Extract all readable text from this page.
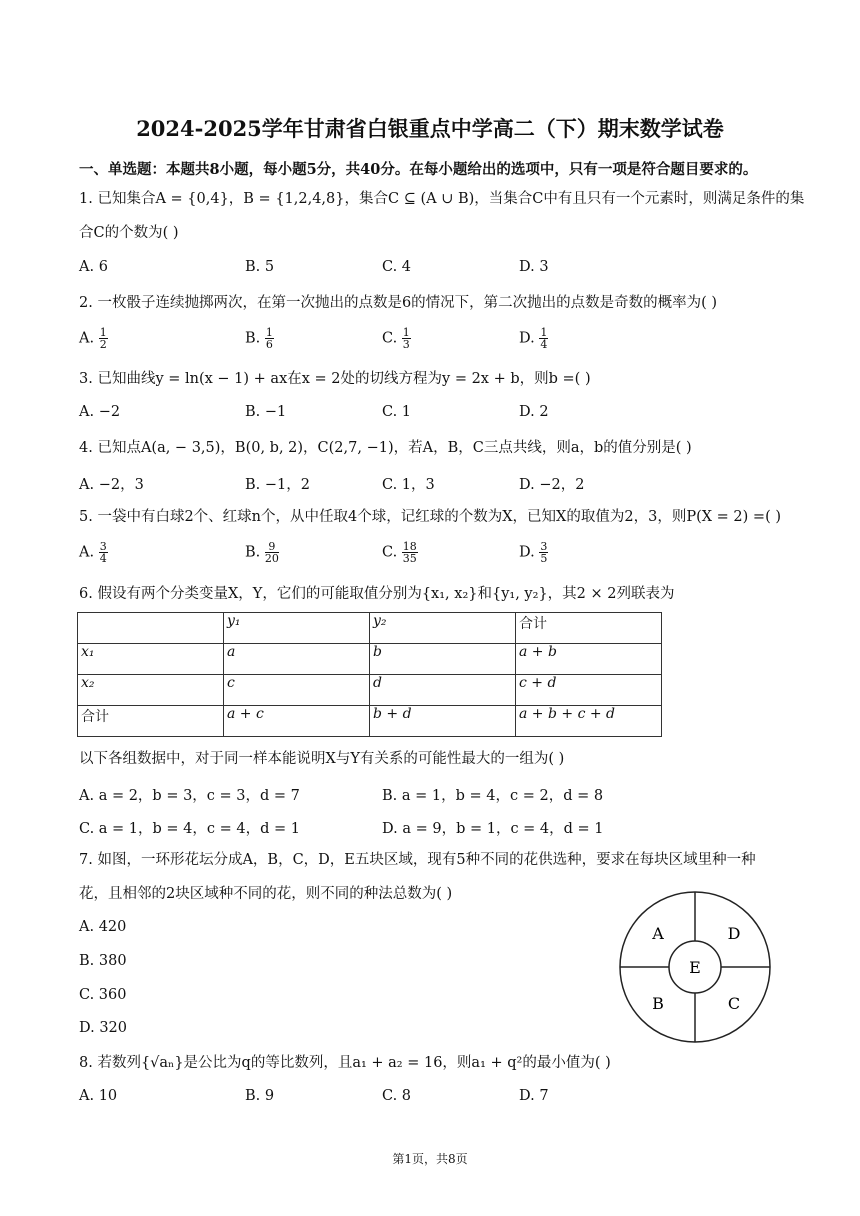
2024-2025学年甘肃省白银重点中学高二（下）期末数学试卷
一、单选题：本题共8小题，每小题5分，共40分。在每小题给出的选项中，只有一项是符合题目要求的。
1. 已知集合A = {0,4}，B = {1,2,4,8}，集合C ⊆ (A ∪ B)，当集合C中有且只有一个元素时，则满足条件的集
合C的个数为( )
A. 6	B. 5	C. 4	D. 3
2. 一枚骰子连续抛掷两次，在第一次抛出的点数是6的情况下，第二次抛出的点数是奇数的概率为( )
A. $\frac{1}{2}$	B. $\frac{1}{6}$	C. $\frac{1}{3}$	D. $\frac{1}{4}$
3. 已知曲线y = ln(x − 1) + ax在x = 2处的切线方程为y = 2x + b，则b =( )
A. −2	B. −1	C. 1	D. 2
4. 已知点A(a, − 3,5)，B(0, b, 2)，C(2,7, −1)，若A，B，C三点共线，则a，b的值分别是( )
A. −2，3	B. −1，2	C. 1，3	D. −2，2
5. 一袋中有白球2个、红球n个，从中任取4个球，记红球的个数为X，已知X的取值为2，3，则P(X = 2) =( )
A. $\frac{3}{4}$	B. $\frac{9}{20}$	C. $\frac{18}{35}$	D. $\frac{3}{5}$
6. 假设有两个分类变量X，Y，它们的可能取值分别为{x₁, x₂}和{y₁, y₂}，其2 × 2列联表为
	y₁	y₂	合计
x₁	a	b	a + b
x₂	c	d	c + d
合计	a + c	b + d	a + b + c + d
以下各组数据中，对于同一样本能说明X与Y有关系的可能性最大的一组为( )
A. a = 2，b = 3，c = 3，d = 7	B. a = 1，b = 4，c = 2，d = 8
C. a = 1，b = 4，c = 4，d = 1	D. a = 9，b = 1，c = 4，d = 1
7. 如图，一环形花坛分成A，B，C，D，E五块区域，现有5种不同的花供选种，要求在每块区域里种一种
花，且相邻的2块区域种不同的花，则不同的种法总数为( )
A. 420
B. 380
C. 360
D. 320
A	D
E
B	C
8. 若数列{√aₙ}是公比为q的等比数列，且a₁ + a₂ = 16，则a₁ + q²的最小值为( )
A. 10	B. 9	C. 8	D. 7
第1页，共8页
